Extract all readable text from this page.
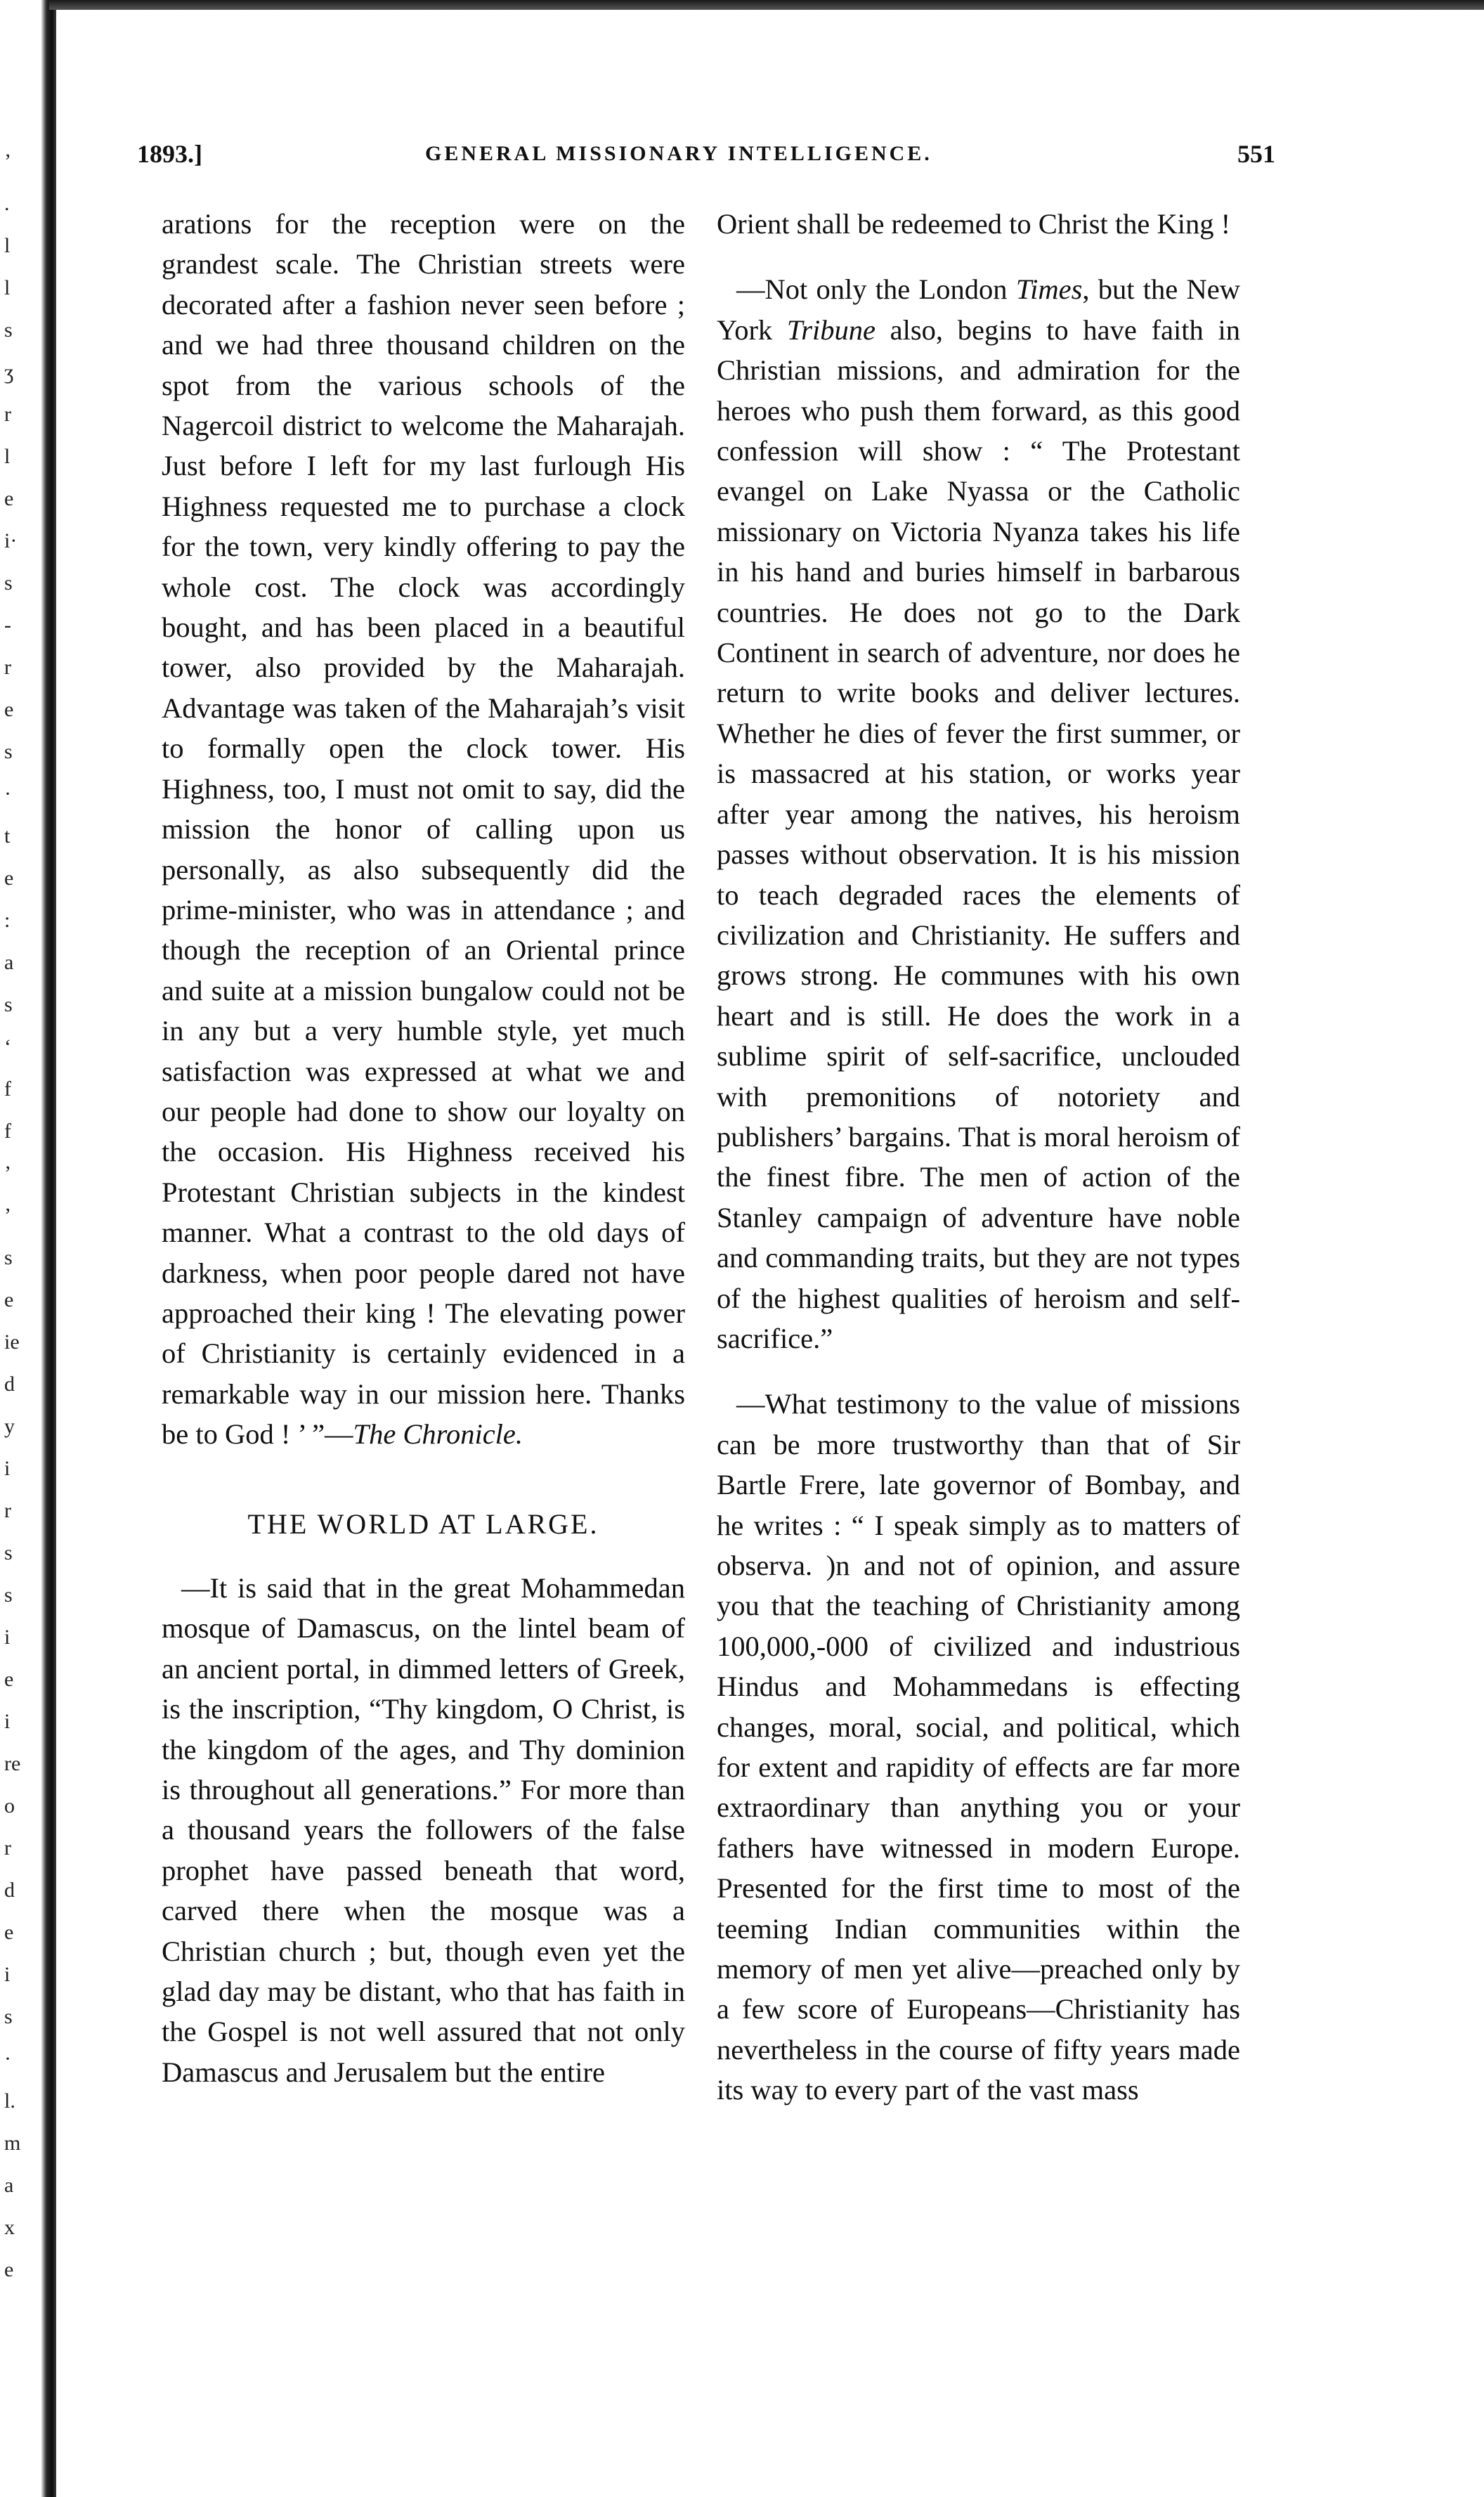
’
.
l
l
s
ʒ
r
l
e
i·
s
-
r
e
s
·
t
e
:
a
s
‘
f
f
’
’
s
e
ie
d
y
i
r
s
s
i
e
i
re
o
r
d
e
i
s
·
l.
m
a
x
e
1893.]	GENERAL MISSIONARY INTELLIGENCE.	551

arations for the reception were on the grandest scale. The Christian streets were decorated after a fashion never seen before ; and we had three thousand children on the spot from the various schools of the Nagercoil district to welcome the Maharajah. Just before I left for my last furlough His Highness requested me to purchase a clock for the town, very kindly offering to pay the whole cost. The clock was accordingly bought, and has been placed in a beautiful tower, also provided by the Maharajah. Advantage was taken of the Maharajah’s visit to formally open the clock tower. His Highness, too, I must not omit to say, did the mission the honor of calling upon us personally, as also subsequently did the prime-minister, who was in attendance ; and though the reception of an Oriental prince and suite at a mission bungalow could not be in any but a very humble style, yet much satisfaction was expressed at what we and our people had done to show our loyalty on the occasion. His Highness received his Protestant Christian subjects in the kindest manner. What a contrast to the old days of darkness, when poor people dared not have approached their king ! The elevating power of Christianity is certainly evidenced in a remarkable way in our mission here. Thanks be to God ! ’ ”—The Chronicle.

THE WORLD AT LARGE.

—It is said that in the great Mohammedan mosque of Damascus, on the lintel beam of an ancient portal, in dimmed letters of Greek, is the inscription, “Thy kingdom, O Christ, is the kingdom of the ages, and Thy dominion is throughout all generations.” For more than a thousand years the followers of the false prophet have passed beneath that word, carved there when the mosque was a Christian church ; but, though even yet the glad day may be distant, who that has faith in the Gospel is not well assured that not only Damascus and Jerusalem but the entire

Orient shall be redeemed to Christ the King !

—Not only the London Times, but the New York Tribune also, begins to have faith in Christian missions, and admiration for the heroes who push them forward, as this good confession will show : “ The Protestant evangel on Lake Nyassa or the Catholic missionary on Victoria Nyanza takes his life in his hand and buries himself in barbarous countries. He does not go to the Dark Continent in search of adventure, nor does he return to write books and deliver lectures. Whether he dies of fever the first summer, or is massacred at his station, or works year after year among the natives, his heroism passes without observation. It is his mission to teach degraded races the elements of civilization and Christianity. He suffers and grows strong. He communes with his own heart and is still. He does the work in a sublime spirit of self-sacrifice, unclouded with premonitions of notoriety and publishers’ bargains. That is moral heroism of the finest fibre. The men of action of the Stanley campaign of adventure have noble and commanding traits, but they are not types of the highest qualities of heroism and self-sacrifice.”

—What testimony to the value of missions can be more trustworthy than that of Sir Bartle Frere, late governor of Bombay, and he writes : “ I speak simply as to matters of observa. )n and not of opinion, and assure you that the teaching of Christianity among 100,000,-000 of civilized and industrious Hindus and Mohammedans is effecting changes, moral, social, and political, which for extent and rapidity of effects are far more extraordinary than anything you or your fathers have witnessed in modern Europe. Presented for the first time to most of the teeming Indian communities within the memory of men yet alive—preached only by a few score of Europeans—Christianity has nevertheless in the course of fifty years made its way to every part of the vast mass
